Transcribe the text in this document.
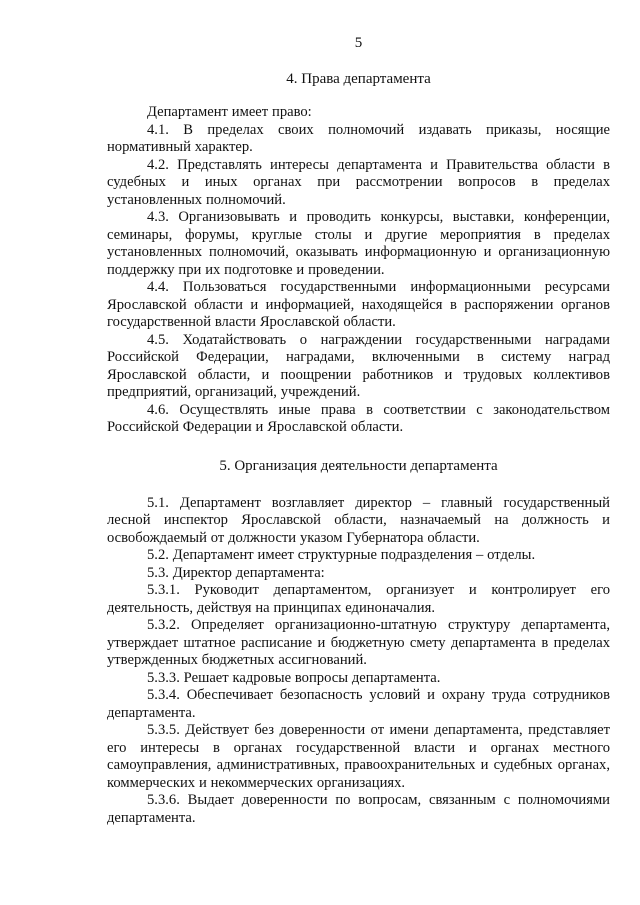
5
4. Права департамента

Департамент имеет право:

4.1. В пределах своих полномочий издавать приказы, носящие нормативный характер.

4.2. Представлять интересы департамента и Правительства области в судебных и иных органах при рассмотрении вопросов в пределах установленных полномочий.

4.3. Организовывать и проводить конкурсы, выставки, конференции, семинары, форумы, круглые столы и другие мероприятия в пределах установленных полномочий, оказывать информационную и организационную поддержку при их подготовке и проведении.

4.4. Пользоваться государственными информационными ресурсами Ярославской области и информацией, находящейся в распоряжении органов государственной власти Ярославской области.

4.5. Ходатайствовать о награждении государственными наградами Российской Федерации, наградами, включенными в систему наград Ярославской области, и поощрении работников и трудовых коллективов предприятий, организаций, учреждений.

4.6. Осуществлять иные права в соответствии с законодательством Российской Федерации и Ярославской области.

5. Организация деятельности департамента

5.1. Департамент возглавляет директор – главный государственный лесной инспектор Ярославской области, назначаемый на должность и освобождаемый от должности указом Губернатора области.

5.2. Департамент имеет структурные подразделения – отделы.

5.3. Директор департамента:

5.3.1. Руководит департаментом, организует и контролирует его деятельность, действуя на принципах единоначалия.

5.3.2. Определяет организационно-штатную структуру департамента, утверждает штатное расписание и бюджетную смету департамента в пределах утвержденных бюджетных ассигнований.

5.3.3. Решает кадровые вопросы департамента.

5.3.4. Обеспечивает безопасность условий и охрану труда сотрудников департамента.

5.3.5. Действует без доверенности от имени департамента, представляет его интересы в органах государственной власти и органах местного самоуправления, административных, правоохранительных и судебных органах, коммерческих и некоммерческих организациях.

5.3.6. Выдает доверенности по вопросам, связанным с полномочиями департамента.
